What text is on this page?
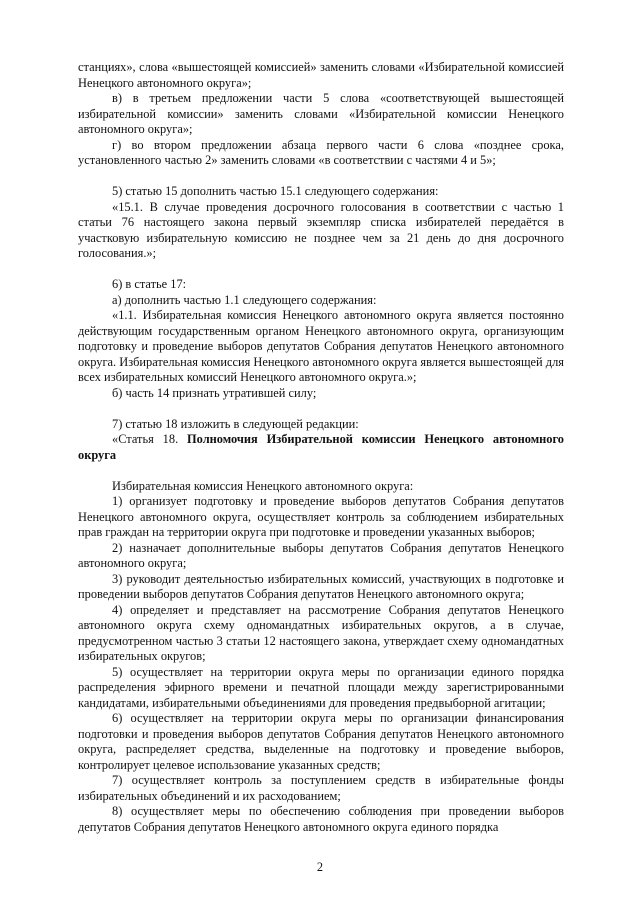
станциях», слова «вышестоящей комиссией» заменить словами «Избирательной комиссией Ненецкого автономного округа»;

в) в третьем предложении части 5 слова «соответствующей вышестоящей избирательной комиссии» заменить словами «Избирательной комиссии Ненецкого автономного округа»;

г) во втором предложении абзаца первого части 6 слова «позднее срока, установленного частью 2» заменить словами «в соответствии с частями 4 и 5»;

5) статью 15 дополнить частью 15.1 следующего содержания:

«15.1. В случае проведения досрочного голосования в соответствии с частью 1 статьи 76 настоящего закона первый экземпляр списка избирателей передаётся в участковую избирательную комиссию не позднее чем за 21 день до дня досрочного голосования.»;

6) в статье 17:

а) дополнить частью 1.1 следующего содержания:

«1.1. Избирательная комиссия Ненецкого автономного округа является постоянно действующим государственным органом Ненецкого автономного округа, организующим подготовку и проведение выборов депутатов Собрания депутатов Ненецкого автономного округа. Избирательная комиссия Ненецкого автономного округа является вышестоящей для всех избирательных комиссий Ненецкого автономного округа.»;

б) часть 14 признать утратившей силу;

7) статью 18 изложить в следующей редакции:

«Статья 18. Полномочия Избирательной комиссии Ненецкого автономного округа

Избирательная комиссия Ненецкого автономного округа:

1) организует подготовку и проведение выборов депутатов Собрания депутатов Ненецкого автономного округа, осуществляет контроль за соблюдением избирательных прав граждан на территории округа при подготовке и проведении указанных выборов;

2) назначает дополнительные выборы депутатов Собрания депутатов Ненецкого автономного округа;

3) руководит деятельностью избирательных комиссий, участвующих в подготовке и проведении выборов депутатов Собрания депутатов Ненецкого автономного округа;

4) определяет и представляет на рассмотрение Собрания депутатов Ненецкого автономного округа схему одномандатных избирательных округов, а в случае, предусмотренном частью 3 статьи 12 настоящего закона, утверждает схему одномандатных избирательных округов;

5) осуществляет на территории округа меры по организации единого порядка распределения эфирного времени и печатной площади между зарегистрированными кандидатами, избирательными объединениями для проведения предвыборной агитации;

6) осуществляет на территории округа меры по организации финансирования подготовки и проведения выборов депутатов Собрания депутатов Ненецкого автономного округа, распределяет средства, выделенные на подготовку и проведение выборов, контролирует целевое использование указанных средств;

7) осуществляет контроль за поступлением средств в избирательные фонды избирательных объединений и их расходованием;

8) осуществляет меры по обеспечению соблюдения при проведении выборов депутатов Собрания депутатов Ненецкого автономного округа единого порядка

2
